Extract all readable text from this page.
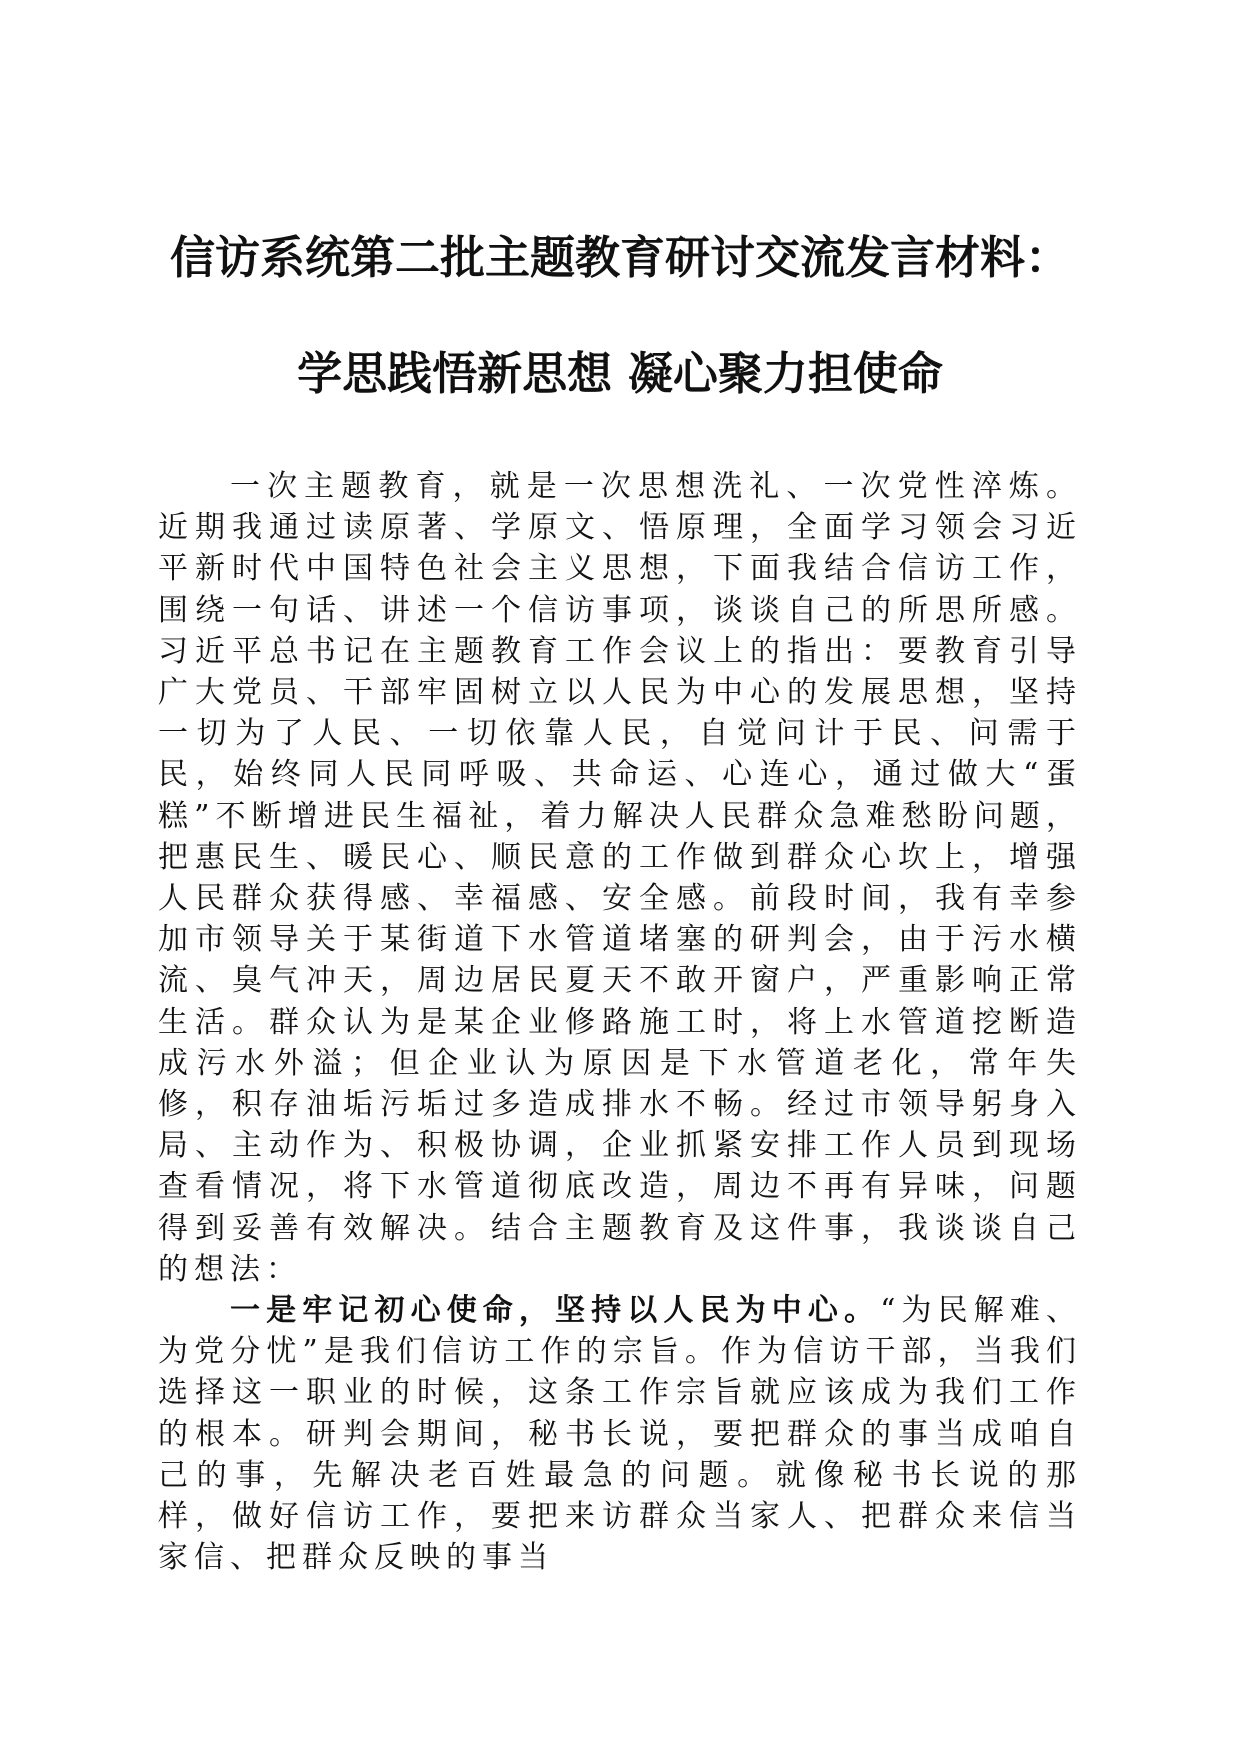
信访系统第二批主题教育研讨交流发言材料：
学思践悟新思想 凝心聚力担使命

一次主题教育，就是一次思想洗礼、一次党性淬炼。近期我通过读原著、学原文、悟原理，全面学习领会习近平新时代中国特色社会主义思想，下面我结合信访工作，围绕一句话、讲述一个信访事项，谈谈自己的所思所感。习近平总书记在主题教育工作会议上的指出：要教育引导广大党员、干部牢固树立以人民为中心的发展思想，坚持一切为了人民、一切依靠人民，自觉问计于民、问需于民，始终同人民同呼吸、共命运、心连心，通过做大“蛋糕”不断增进民生福祉，着力解决人民群众急难愁盼问题，把惠民生、暖民心、顺民意的工作做到群众心坎上，增强人民群众获得感、幸福感、安全感。前段时间，我有幸参加市领导关于某街道下水管道堵塞的研判会，由于污水横流、臭气冲天，周边居民夏天不敢开窗户，严重影响正常生活。群众认为是某企业修路施工时，将上水管道挖断造成污水外溢；但企业认为原因是下水管道老化，常年失修，积存油垢污垢过多造成排水不畅。经过市领导躬身入局、主动作为、积极协调，企业抓紧安排工作人员到现场查看情况，将下水管道彻底改造，周边不再有异味，问题得到妥善有效解决。结合主题教育及这件事，我谈谈自己的想法：

一是牢记初心使命，坚持以人民为中心。“为民解难、为党分忧”是我们信访工作的宗旨。作为信访干部，当我们选择这一职业的时候，这条工作宗旨就应该成为我们工作的根本。研判会期间，秘书长说，要把群众的事当成咱自己的事，先解决老百姓最急的问题。就像秘书长说的那样，做好信访工作，要把来访群众当家人、把群众来信当家信、把群众反映的事当
